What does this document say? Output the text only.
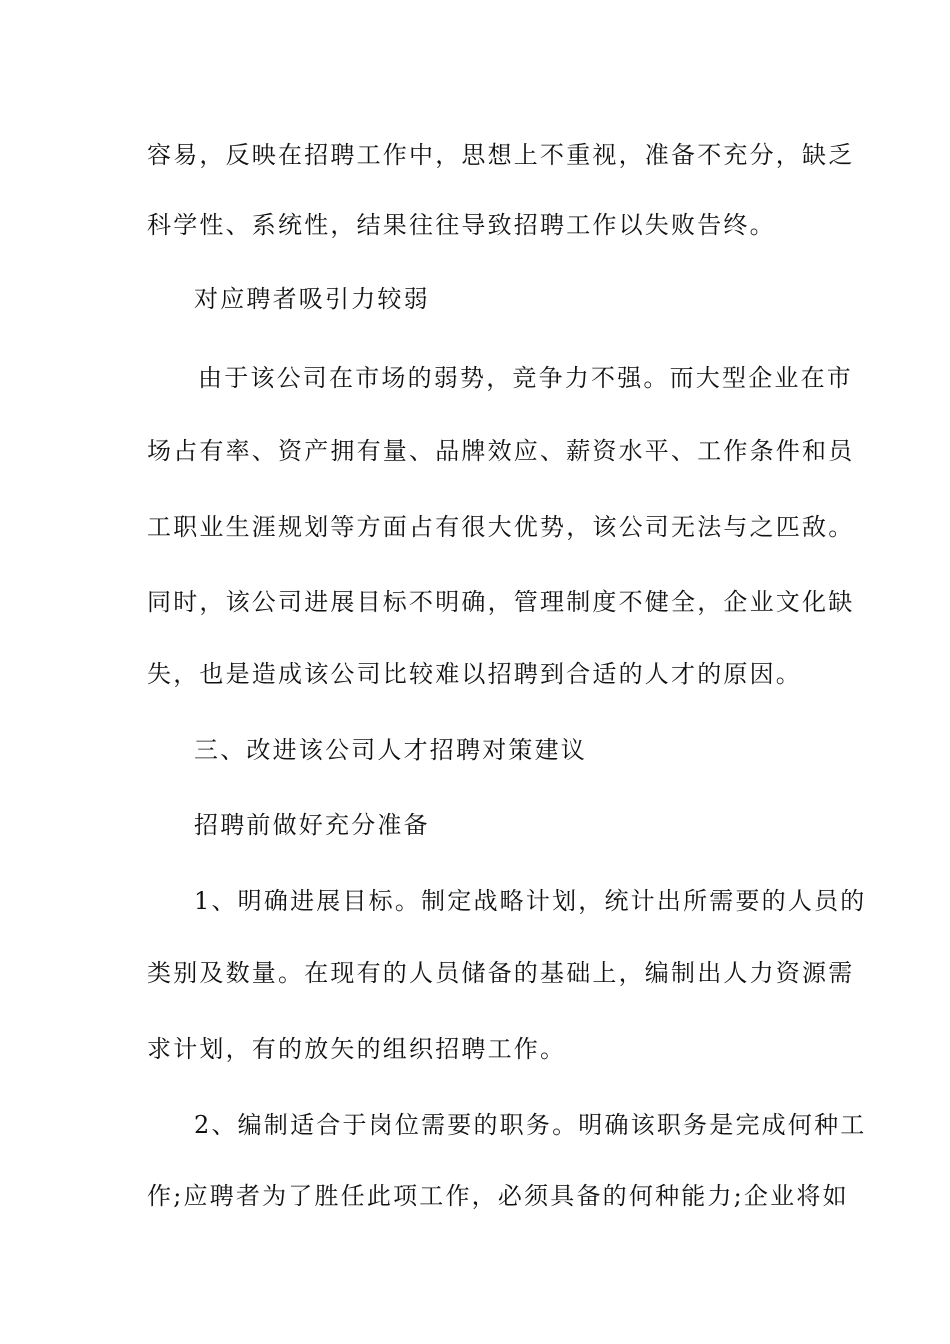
容易，反映在招聘工作中，思想上不重视，准备不充分，缺乏
科学性、系统性，结果往往导致招聘工作以失败告终。
对应聘者吸引力较弱
由于该公司在市场的弱势，竞争力不强。而大型企业在市
场占有率、资产拥有量、品牌效应、薪资水平、工作条件和员
工职业生涯规划等方面占有很大优势，该公司无法与之匹敌。
同时，该公司进展目标不明确，管理制度不健全，企业文化缺
失，也是造成该公司比较难以招聘到合适的人才的原因。
三、改进该公司人才招聘对策建议
招聘前做好充分准备
1、明确进展目标。制定战略计划，统计出所需要的人员的
类别及数量。在现有的人员储备的基础上，编制出人力资源需
求计划，有的放矢的组织招聘工作。
2、编制适合于岗位需要的职务。明确该职务是完成何种工
作;应聘者为了胜任此项工作，必须具备的何种能力;企业将如
